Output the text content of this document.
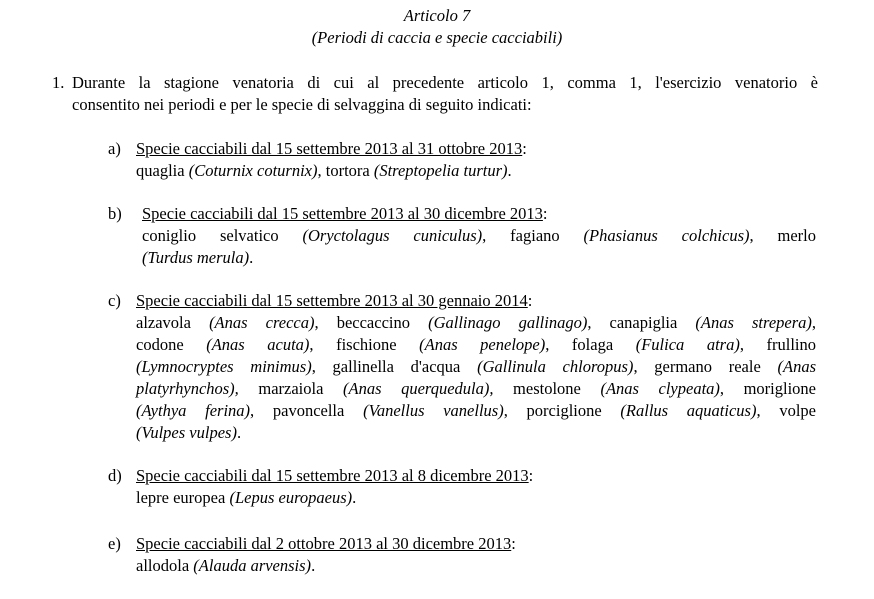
Articolo 7
(Periodi di caccia e specie cacciabili)
1. Durante la stagione venatoria di cui al precedente articolo 1, comma 1, l'esercizio venatorio è
consentito nei periodi e per le specie di selvaggina di seguito indicati:
a) Specie cacciabili dal 15 settembre 2013 al 31 ottobre 2013:
quaglia (Coturnix coturnix), tortora (Streptopelia turtur).
b) Specie cacciabili dal 15 settembre 2013 al 30 dicembre 2013:
coniglio selvatico (Oryctolagus cuniculus), fagiano (Phasianus colchicus), merlo
(Turdus merula).
c) Specie cacciabili dal 15 settembre 2013 al 30 gennaio 2014:
alzavola (Anas crecca), beccaccino (Gallinago gallinago), canapiglia (Anas strepera),
codone (Anas acuta), fischione (Anas penelope), folaga (Fulica atra), frullino
(Lymnocryptes minimus), gallinella d'acqua (Gallinula chloropus), germano reale (Anas
platyrhynchos), marzaiola (Anas querquedula), mestolone (Anas clypeata), moriglione
(Aythya ferina), pavoncella (Vanellus vanellus), porciglione (Rallus aquaticus), volpe
(Vulpes vulpes).
d) Specie cacciabili dal 15 settembre 2013 al 8 dicembre 2013:
lepre europea (Lepus europaeus).
e) Specie cacciabili dal 2 ottobre 2013 al 30 dicembre 2013:
allodola (Alauda arvensis).
